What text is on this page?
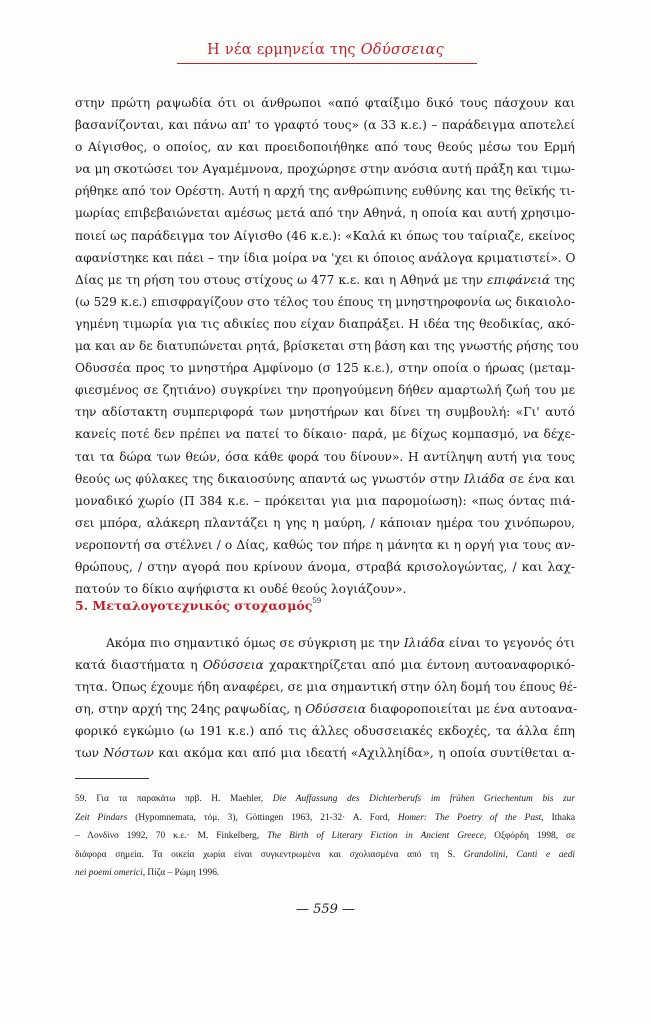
Η νέα ερμηνεία της Οδύσσειας
στην πρώτη ραψωδία ότι οι άνθρωποι «από φταίξιμο δικό τους πάσχουν και
βασανίζονται, και πάνω απ' το γραφτό τους» (α 33 κ.ε.) – παράδειγμα αποτελεί
ο Αίγισθος, ο οποίος, αν και προειδοποιήθηκε από τους θεούς μέσω του Ερμή
να μη σκοτώσει τον Αγαμέμνονα, προχώρησε στην ανόσια αυτή πράξη και τιμω-
ρήθηκε από τον Ορέστη. Αυτή η αρχή της ανθρώπινης ευθύνης και της θεϊκής τι-
μωρίας επιβεβαιώνεται αμέσως μετά από την Αθηνά, η οποία και αυτή χρησιμο-
ποιεί ως παράδειγμα τον Αίγισθο (46 κ.ε.): «Καλά κι όπως του ταίριαζε, εκείνος
αφανίστηκε και πάει – την ίδια μοίρα να 'χει κι όποιος ανάλογα κριματιστεί». Ο
Δίας με τη ρήση του στους στίχους ω 477 κ.ε. και η Αθηνά με την επιφάνειά της
(ω 529 κ.ε.) επισφραγίζουν στο τέλος του έπους τη μνηστηροφονία ως δικαιολο-
γημένη τιμωρία για τις αδικίες που είχαν διαπράξει. Η ιδέα της θεοδικίας, ακό-
μα και αν δε διατυπώνεται ρητά, βρίσκεται στη βάση και της γνωστής ρήσης του
Οδυσσέα προς το μνηστήρα Αμφίνομο (σ 125 κ.ε.), στην οποία ο ήρωας (μεταμ-
φιεσμένος σε ζητιάνο) συγκρίνει την προηγούμενη δήθεν αμαρτωλή ζωή του με
την αδίστακτη συμπεριφορά των μνηστήρων και δίνει τη συμβουλή: «Γι' αυτό
κανείς ποτέ δεν πρέπει να πατεί το δίκαιο· παρά, με δίχως κομπασμό, να δέχε-
ται τα δώρα των θεών, όσα κάθε φορά του δίνουν». Η αντίληψη αυτή για τους
θεούς ως φύλακες της δικαιοσύνης απαντά ως γνωστόν στην Ιλιάδα σε ένα και
μοναδικό χωρίο (Π 384 κ.ε. – πρόκειται για μια παρομοίωση): «πως όντας πιά-
σει μπόρα, αλάκερη πλαντάζει η γης η μαύρη, / κάποιαν ημέρα του χινόπωρου,
νεροποντή σα στέλνει / ο Δίας, καθώς τον πήρε η μάνητα κι η οργή για τους αν-
θρώπους, / στην αγορά που κρίνουν άνομα, στραβά κρισολογώντας, / και λαχ-
πατούν το δίκιο αψήφιστα κι ουδέ θεούς λογιάζουν».
5. Μεταλογοτεχνικός στοχασμός$^{59}$
Ακόμα πιο σημαντικό όμως σε σύγκριση με την Ιλιάδα είναι το γεγονός ότι
κατά διαστήματα η Οδύσσεια χαρακτηρίζεται από μια έντονη αυτοαναφορικό-
τητα. Όπως έχουμε ήδη αναφέρει, σε μια σημαντική στην όλη δομή του έπους θέ-
ση, στην αρχή της 24ης ραψωδίας, η Οδύσσεια διαφοροποιείται με ένα αυτοανα-
φορικό εγκώμιο (ω 191 κ.ε.) από τις άλλες οδυσσειακές εκδοχές, τα άλλα έπη
των Νόστων και ακόμα και από μια ιδεατή «Αχιλληίδα», η οποία συντίθεται α-
59. Για τα παρακάτω πρβ. H. Maehler, Die Auffassung des Dichterberufs im frühen Griechentum bis zur
Zeit Pindars (Hypomnemata, τόμ. 3), Göttingen 1963, 21-32· A. Ford, Homer: The Poetry of the Past, Ithaka
– Λονδίνο 1992, 70 κ.ε.· M. Finkelberg, The Birth of Literary Fiction in Ancient Greece, Οξφόρδη 1998, σε
διάφορα σημεία. Τα οικεία χωρία είναι συγκεντρωμένα και σχολιασμένα από τη S. Grandolini, Canti e aedi
nei poemi omerici, Πίζα – Ρώμη 1996.
— 559 —
